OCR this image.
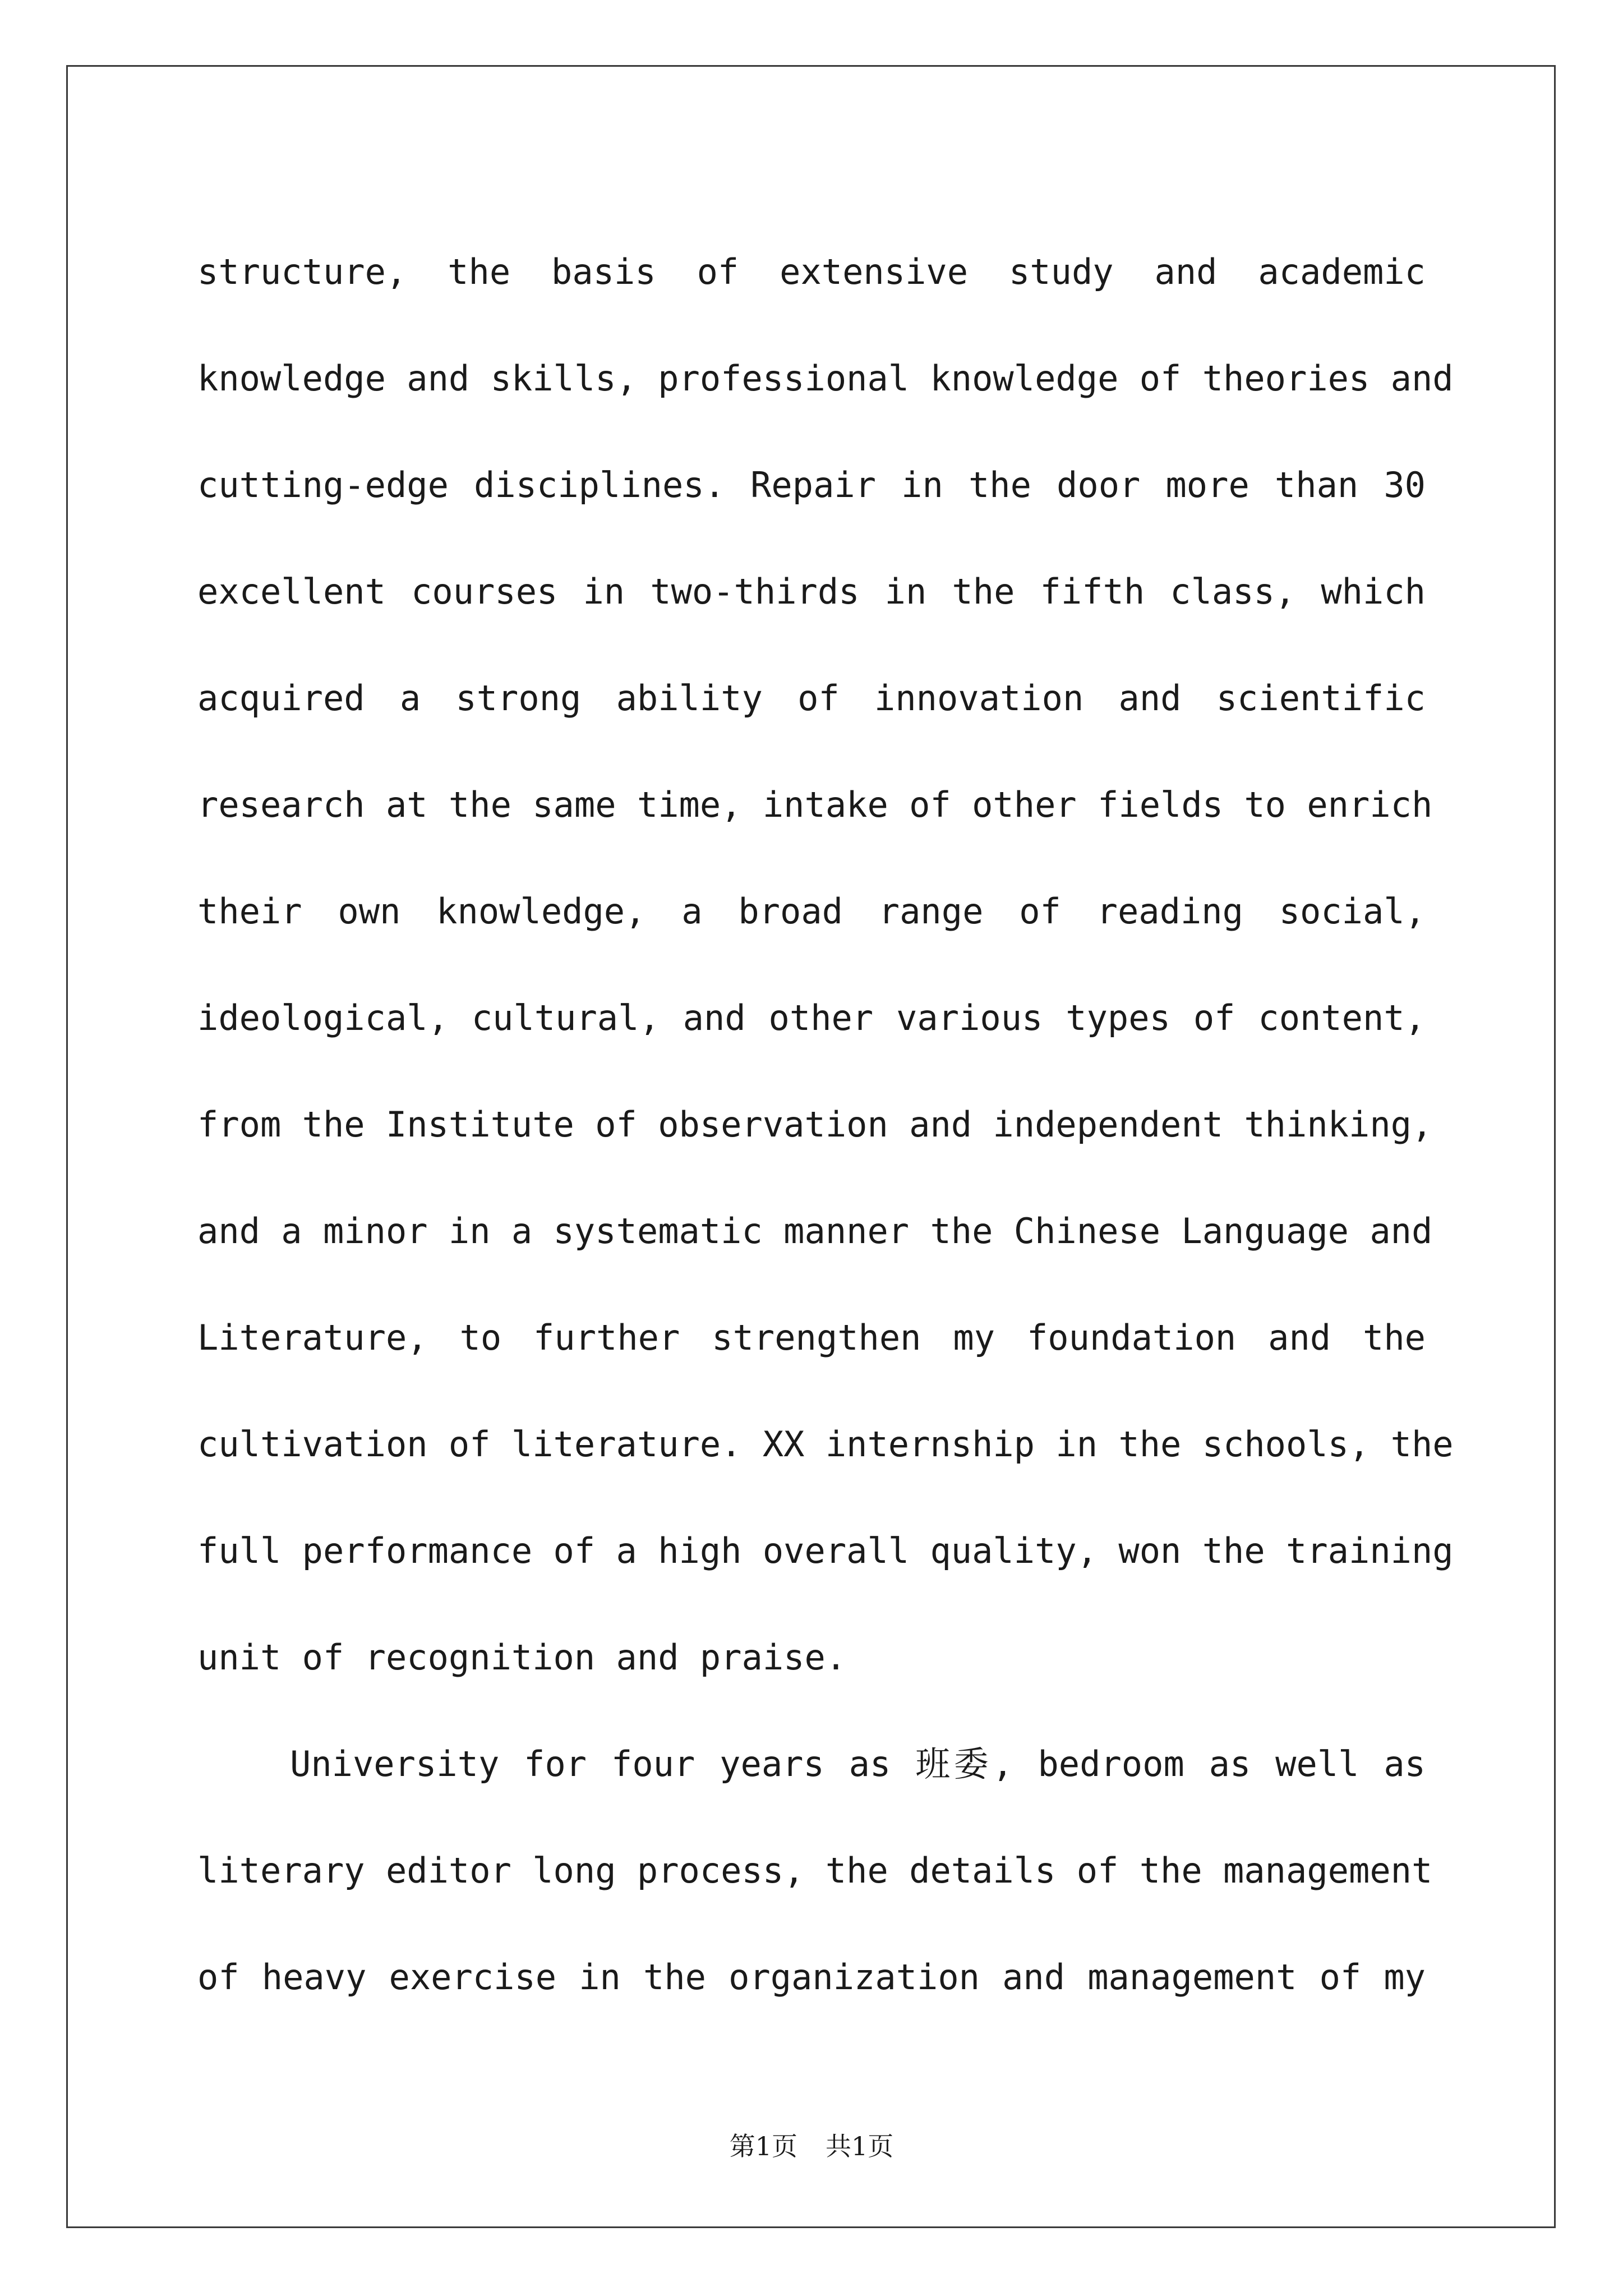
structure, the basis of extensive study and academic
knowledge and skills, professional knowledge of theories and
cutting-edge disciplines. Repair in the door more than 30
excellent courses in two-thirds in the fifth class, which
acquired a strong ability of innovation and scientific
research at the same time, intake of other fields to enrich
their own knowledge, a broad range of reading social,
ideological, cultural, and other various types of content,
from the Institute of observation and independent thinking,
and a minor in a systematic manner the Chinese Language and
Literature, to further strengthen my foundation and the
cultivation of literature. XX internship in the schools, the
full performance of a high overall quality, won the training
unit of recognition and praise.
University for four years as 班委, bedroom as well as
literary editor long process, the details of the management
of heavy exercise in the organization and management of my
第1页 共1页
